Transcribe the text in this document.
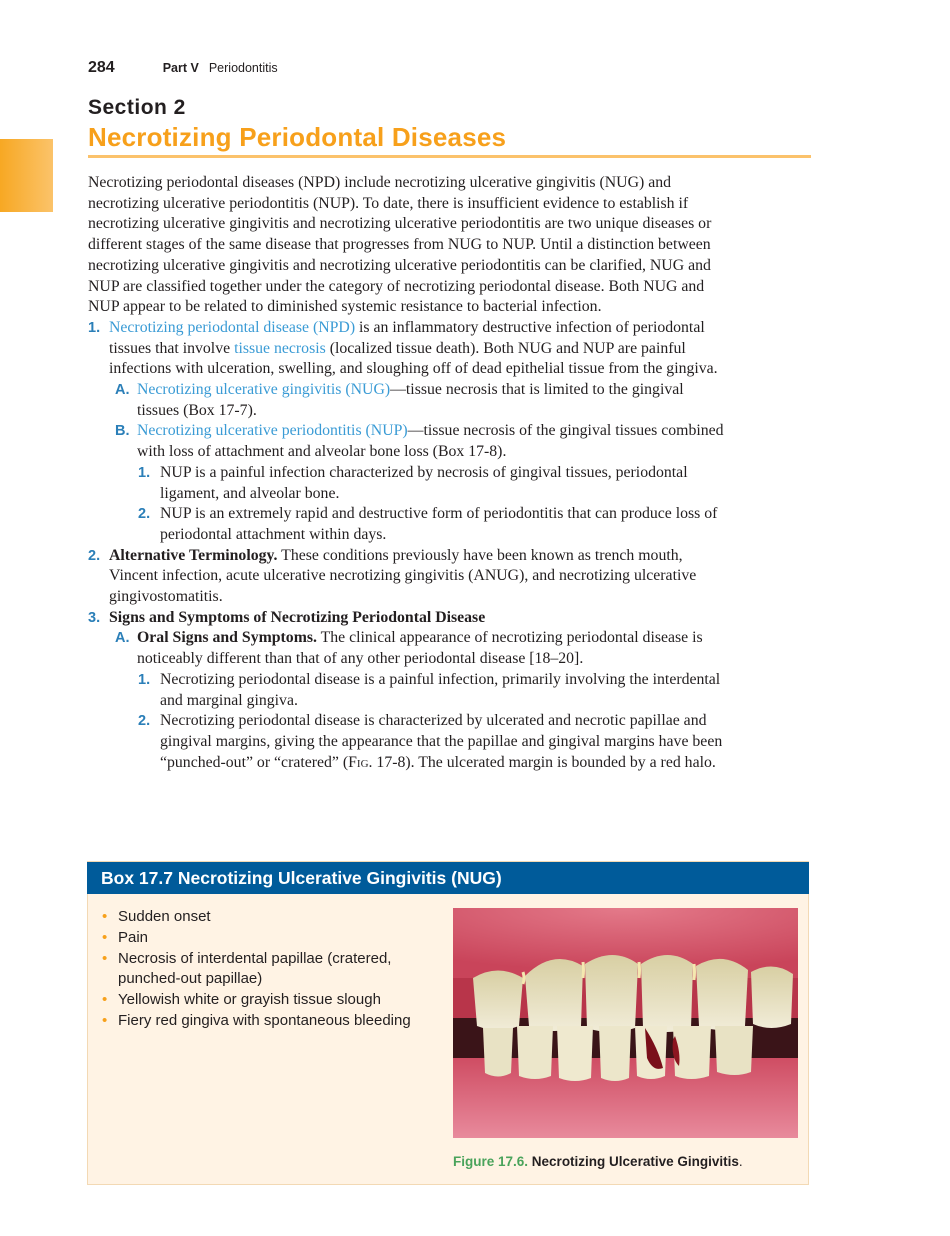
284	Part V Periodontitis
Section 2
Necrotizing Periodontal Diseases

Necrotizing periodontal diseases (NPD) include necrotizing ulcerative gingivitis (NUG) and necrotizing ulcerative periodontitis (NUP). To date, there is insufficient evidence to establish if necrotizing ulcerative gingivitis and necrotizing ulcerative periodontitis are two unique diseases or different stages of the same disease that progresses from NUG to NUP. Until a distinction between necrotizing ulcerative gingivitis and necrotizing ulcerative periodontitis can be clarified, NUG and NUP are classified together under the category of necrotizing periodontal disease. Both NUG and NUP appear to be related to diminished systemic resistance to bacterial infection.

1. Necrotizing periodontal disease (NPD) is an inflammatory destructive infection of periodontal tissues that involve tissue necrosis (localized tissue death). Both NUG and NUP are painful infections with ulceration, swelling, and sloughing off of dead epithelial tissue from the gingiva.
A. Necrotizing ulcerative gingivitis (NUG)—tissue necrosis that is limited to the gingival tissues (Box 17-7).
B. Necrotizing ulcerative periodontitis (NUP)—tissue necrosis of the gingival tissues combined with loss of attachment and alveolar bone loss (Box 17-8).
1. NUP is a painful infection characterized by necrosis of gingival tissues, periodontal ligament, and alveolar bone.
2. NUP is an extremely rapid and destructive form of periodontitis that can produce loss of periodontal attachment within days.
2. Alternative Terminology. These conditions previously have been known as trench mouth, Vincent infection, acute ulcerative necrotizing gingivitis (ANUG), and necrotizing ulcerative gingivostomatitis.
3. Signs and Symptoms of Necrotizing Periodontal Disease
A. Oral Signs and Symptoms. The clinical appearance of necrotizing periodontal disease is noticeably different than that of any other periodontal disease [18–20].
1. Necrotizing periodontal disease is a painful infection, primarily involving the interdental and marginal gingiva.
2. Necrotizing periodontal disease is characterized by ulcerated and necrotic papillae and gingival margins, giving the appearance that the papillae and gingival margins have been “punched-out” or “cratered” (Fig. 17-8). The ulcerated margin is bounded by a red halo.
Box 17.7 Necrotizing Ulcerative Gingivitis (NUG)
• Sudden onset
• Pain
• Necrosis of interdental papillae (cratered, punched-out papillae)
• Yellowish white or grayish tissue slough
• Fiery red gingiva with spontaneous bleeding
Figure 17.6. Necrotizing Ulcerative Gingivitis.
